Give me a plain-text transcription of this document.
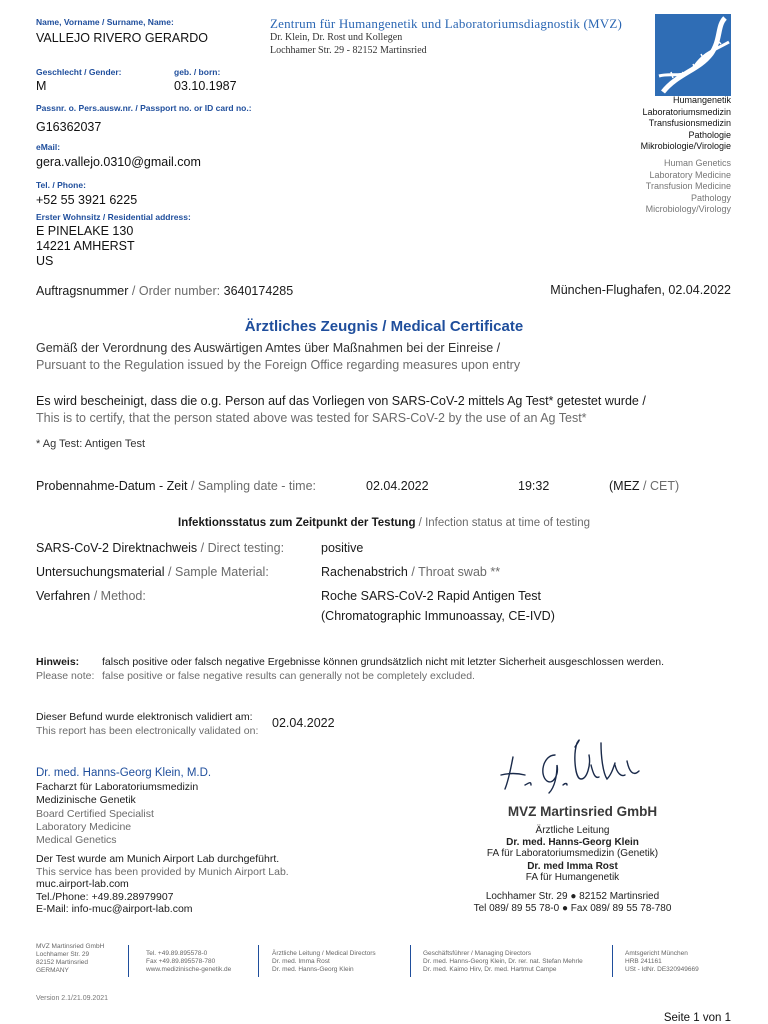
Name, Vorname / Surname, Name:
VALLEJO RIVERO GERARDO
Geschlecht / Gender:	geb. / born:
M	03.10.1987
Passnr. o. Pers.ausw.nr. / Passport no. or ID card no.:
G16362037
eMail:
gera.vallejo.0310@gmail.com
Tel. / Phone:
+52 55 3921 6225
Erster Wohnsitz / Residential address:
E PINELAKE 130
14221 AMHERST
US
Zentrum für Humangenetik und Laboratoriumsdiagnostik (MVZ)
Dr. Klein, Dr. Rost und Kollegen
Lochhamer Str. 29 - 82152 Martinsried
Humangenetik
Laboratoriumsmedizin
Transfusionsmedizin
Pathologie
Mikrobiologie/Virologie
Human Genetics
Laboratory Medicine
Transfusion Medicine
Pathology
Microbiology/Virology
Auftragsnummer / Order number: 3640174285	München-Flughafen, 02.04.2022
Ärztliches Zeugnis / Medical Certificate
Gemäß der Verordnung des Auswärtigen Amtes über Maßnahmen bei der Einreise /
Pursuant to the Regulation issued by the Foreign Office regarding measures upon entry
Es wird bescheinigt, dass die o.g. Person auf das Vorliegen von SARS-CoV-2 mittels Ag Test* getestet wurde /
This is to certify, that the person stated above was tested for SARS-CoV-2 by the use of an Ag Test*
* Ag Test: Antigen Test
Probennahme-Datum - Zeit / Sampling date - time:	02.04.2022	19:32	(MEZ / CET)
Infektionsstatus zum Zeitpunkt der Testung / Infection status at time of testing
SARS-CoV-2 Direktnachweis / Direct testing:	positive
Untersuchungsmaterial / Sample Material:	Rachenabstrich / Throat swab **
Verfahren / Method:	Roche SARS-CoV-2 Rapid Antigen Test
(Chromatographic Immunoassay, CE-IVD)
Hinweis:
Please note:
falsch positive oder falsch negative Ergebnisse können grundsätzlich nicht mit letzter Sicherheit ausgeschlossen werden.
false positive or false negative results can generally not be completely excluded.
Dieser Befund wurde elektronisch validiert am:
This report has been electronically validated on:
02.04.2022
Dr. med. Hanns-Georg Klein, M.D.
Facharzt für Laboratoriumsmedizin
Medizinische Genetik
Board Certified Specialist
Laboratory Medicine
Medical Genetics
Der Test wurde am Munich Airport Lab durchgeführt.
This service has been provided by Munich Airport Lab.
muc.airport-lab.com
Tel./Phone: +49.89.28979907
E-Mail: info-muc@airport-lab.com
MVZ Martinsried GmbH
Ärztliche Leitung
Dr. med. Hanns-Georg Klein
FA für Laboratoriumsmedizin (Genetik)
Dr. med Imma Rost
FA für Humangenetik
Lochhamer Str. 29 ● 82152 Martinsried
Tel 089/ 89 55 78-0 ● Fax 089/ 89 55 78-780
MVZ Martinsried GmbH
Lochhamer Str. 29
82152 Martinsried
GERMANY
Tel. +49.89.895578-0
Fax +49.89.895578-780
www.medizinische-genetik.de
Ärztliche Leitung / Medical Directors
Dr. med. Imma Rost
Dr. med. Hanns-Georg Klein
Geschäftsführer / Managing Directors
Dr. med. Hanns-Georg Klein, Dr. rer. nat. Stefan Mehrle
Dr. med. Kaimo Hirv, Dr. med. Hartmut Campe
Amtsgericht München
HRB 241161
USt - IdNr. DE320949669
Version 2.1/21.09.2021
Seite 1 von 1
